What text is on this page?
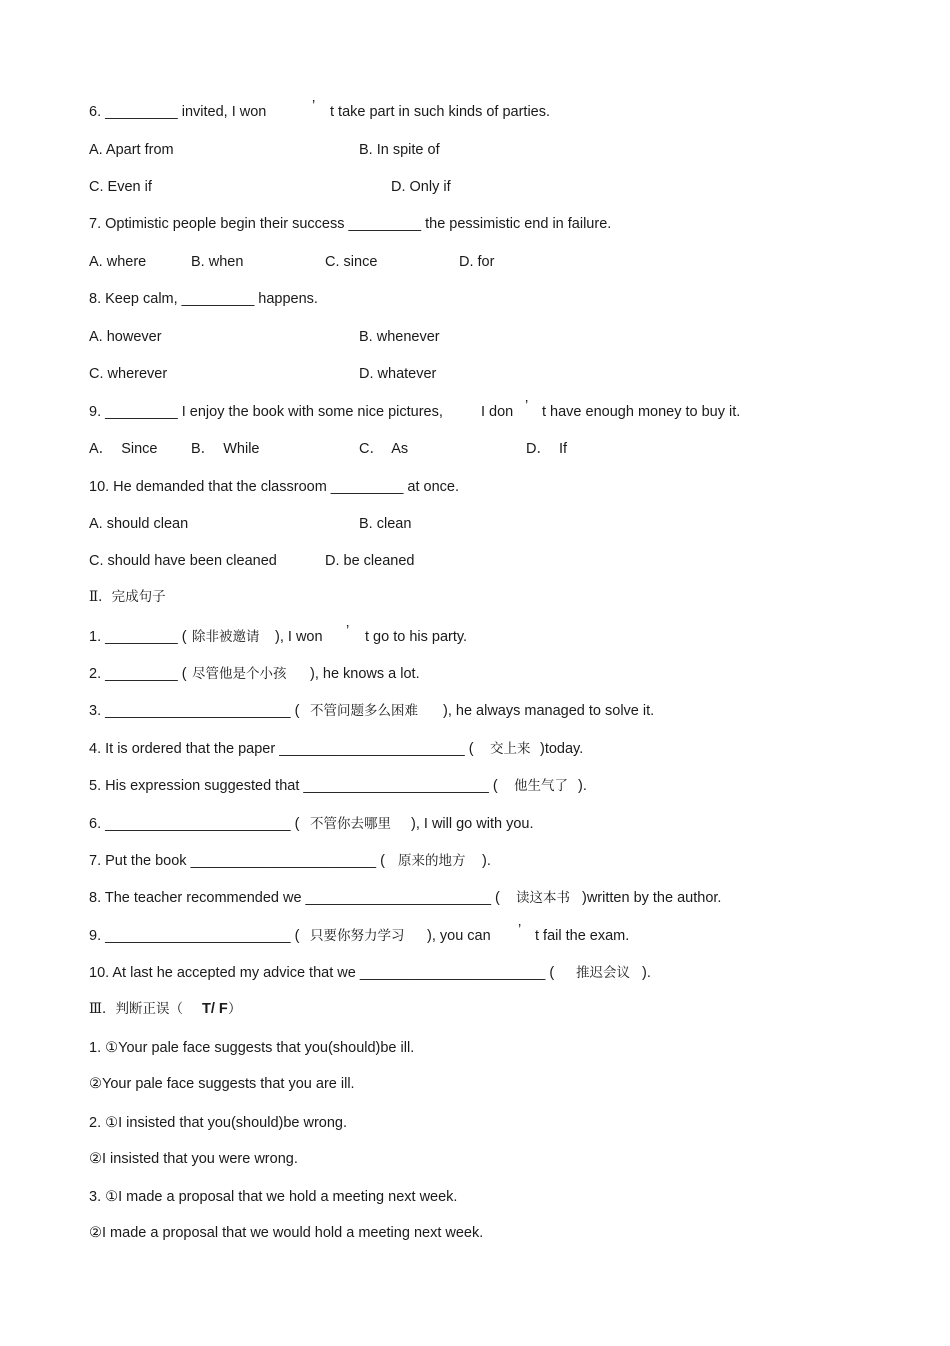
6. _________ invited, I won	’ t take part in such kinds of parties.
A. Apart from	B. In spite of
C. Even if	D. Only if
7. Optimistic people begin their success _________ the pessimistic end in failure.
A. where	B. when	C. since	D. for
8. Keep calm, _________ happens.
A. however	B. whenever
C. wherever	D. whatever
9. _________ I enjoy the book with some nice pictures,	I don ’ t have enough money to buy it.
A．  Since B．  While	C．  As	D．  If
10. He demanded that the classroom _________ at once.
A. should clean	B. clean
C. should have been cleaned	D. be cleaned
Ⅱ．完成句子
1. _________ ( 除非被邀请 ), I won ’ t go to his party.
2. _________ ( 尽管他是个小孩 ), he knows a lot.
3. _______________________ ( 不管问题多么困难 ), he always managed to solve it.
4. It is ordered that the paper _______________________ ( 交上来 )today.
5. His expression suggested that _______________________ ( 他生气了 ).
6. _______________________ ( 不管你去哪里 ), I will go with you.
7. Put the book _______________________ ( 原来的地方 ).
8. The teacher recommended we _______________________ ( 读这本书 )written by the author.
9. _______________________ ( 只要你努力学习 ), you can ’ t fail the exam.
10. At last he accepted my advice that we _______________________ ( 推迟会议 ).
Ⅲ．判断正误（ T/ F ）
1. ①Your pale face suggests that you(should)be ill.
②Your pale face suggests that you are ill.
2. ①I insisted that you(should)be wrong.
②I insisted that you were wrong.
3. ①I made a proposal that we hold a meeting next week.
②I made a proposal that we would hold a meeting next week.
